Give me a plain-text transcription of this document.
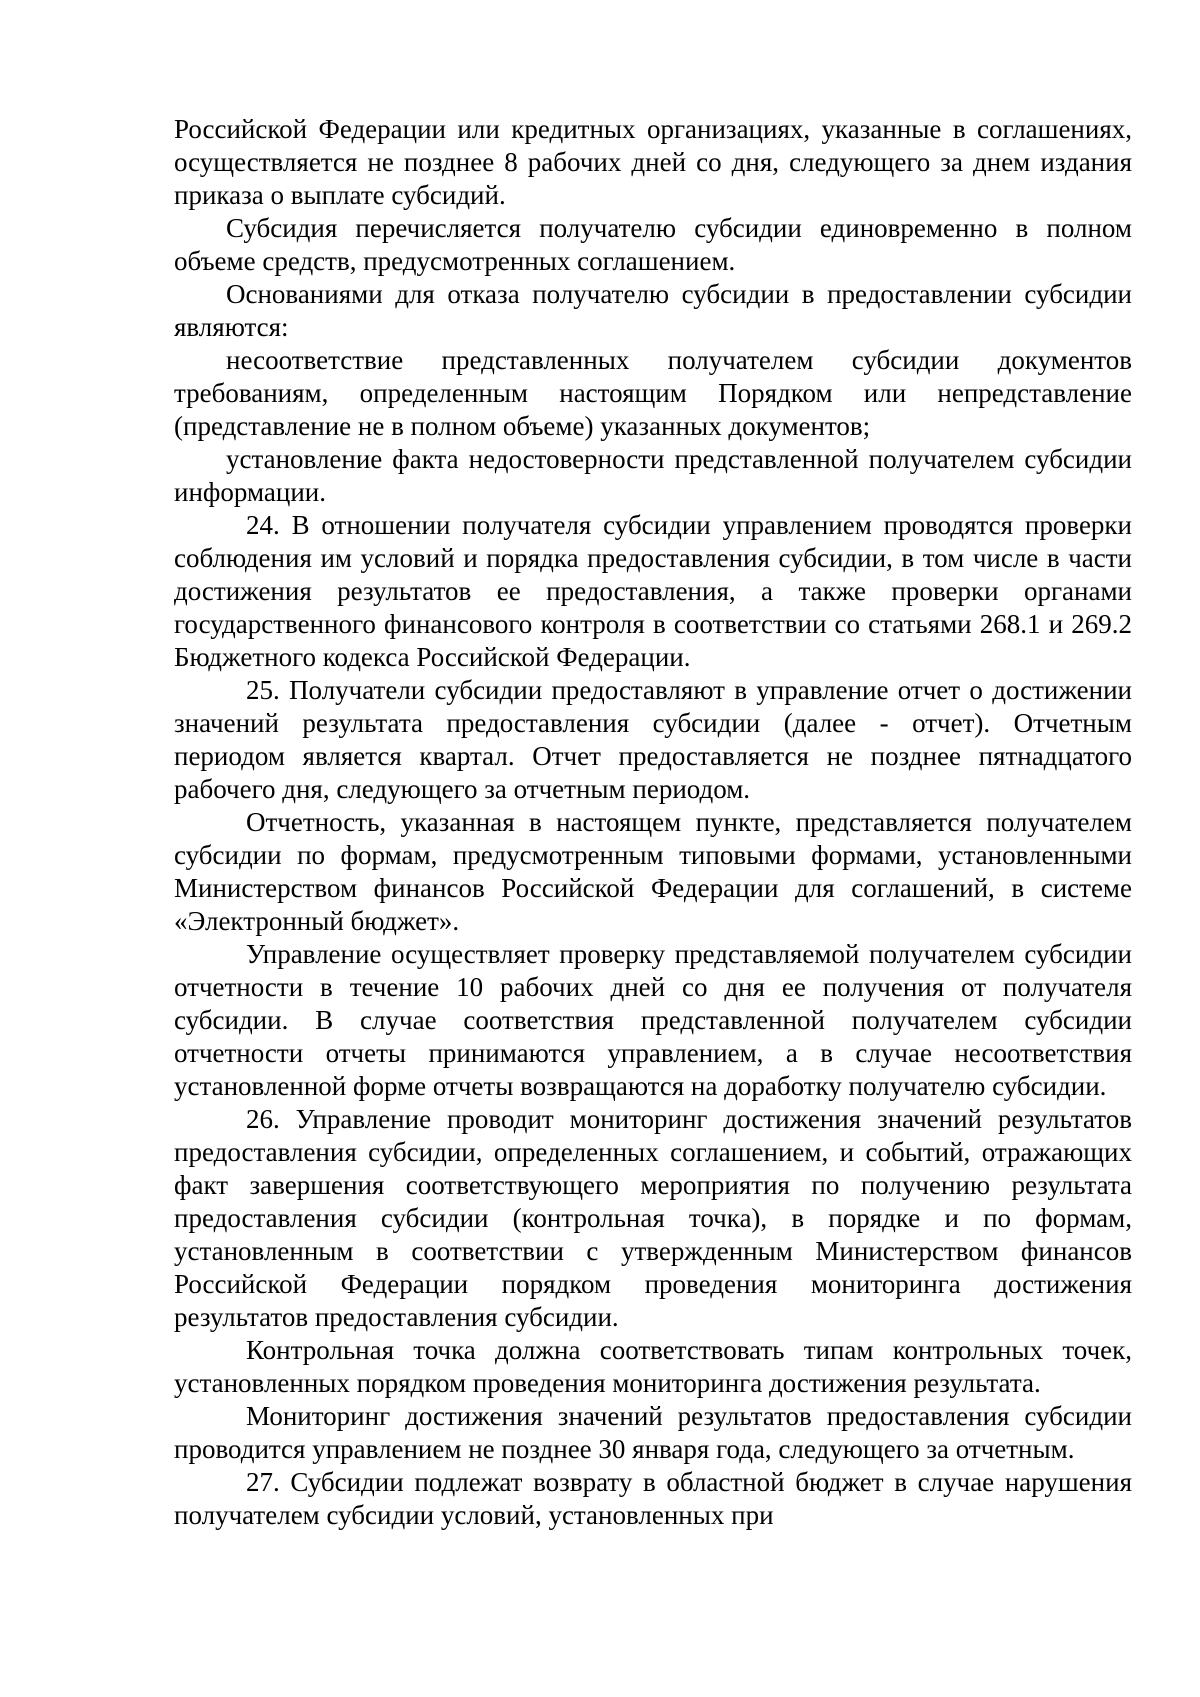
Российской Федерации или кредитных организациях, указанные в соглашениях, осуществляется не позднее 8 рабочих дней со дня, следующего за днем издания приказа о выплате субсидий.

Субсидия перечисляется получателю субсидии единовременно в полном объеме средств, предусмотренных соглашением.

Основаниями для отказа получателю субсидии в предоставлении субсидии являются:

несоответствие представленных получателем субсидии документов требованиям, определенным настоящим Порядком или непредставление (представление не в полном объеме) указанных документов;

установление факта недостоверности представленной получателем субсидии информации.

24. В отношении получателя субсидии управлением проводятся проверки соблюдения им условий и порядка предоставления субсидии, в том числе в части достижения результатов ее предоставления, а также проверки органами государственного финансового контроля в соответствии со статьями 268.1 и 269.2 Бюджетного кодекса Российской Федерации.

25. Получатели субсидии предоставляют в управление отчет о достижении значений результата предоставления субсидии (далее - отчет). Отчетным периодом является квартал. Отчет предоставляется не позднее пятнадцатого рабочего дня, следующего за отчетным периодом.

Отчетность, указанная в настоящем пункте, представляется получателем субсидии по формам, предусмотренным типовыми формами, установленными Министерством финансов Российской Федерации для соглашений, в системе «Электронный бюджет».

Управление осуществляет проверку представляемой получателем субсидии отчетности в течение 10 рабочих дней со дня ее получения от получателя субсидии. В случае соответствия представленной получателем субсидии отчетности отчеты принимаются управлением, а в случае несоответствия установленной форме отчеты возвращаются на доработку получателю субсидии.

26. Управление проводит мониторинг достижения значений результатов предоставления субсидии, определенных соглашением, и событий, отражающих факт завершения соответствующего мероприятия по получению результата предоставления субсидии (контрольная точка), в порядке и по формам, установленным в соответствии с утвержденным Министерством финансов Российской Федерации порядком проведения мониторинга достижения результатов предоставления субсидии.

Контрольная точка должна соответствовать типам контрольных точек, установленных порядком проведения мониторинга достижения результата.

Мониторинг достижения значений результатов предоставления субсидии проводится управлением не позднее 30 января года, следующего за отчетным.

27. Субсидии подлежат возврату в областной бюджет в случае нарушения получателем субсидии условий, установленных при
